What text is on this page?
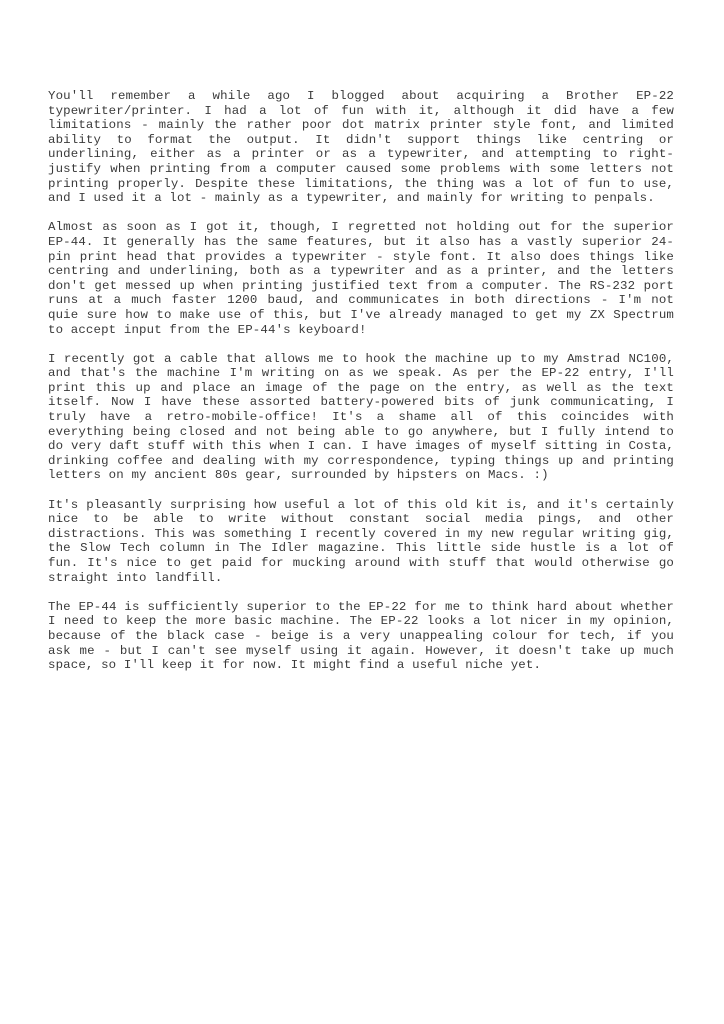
You'll remember a while ago I blogged about acquiring a Brother EP-22 typewriter/printer. I had a lot of fun with it, although it did have a few limitations - mainly the rather poor dot matrix printer style font, and limited ability to format the output. It didn't support things like centring or underlining, either as a printer or as a typewriter, and attempting to right-justify when printing from a computer caused some problems with some letters not printing properly. Despite these limitations, the thing was a lot of fun to use, and I used it a lot - mainly as a typewriter, and mainly for writing to penpals.

Almost as soon as I got it, though, I regretted not holding out for the superior EP-44. It generally has the same features, but it also has a vastly superior 24-pin print head that provides a typewriter - style font. It also does things like centring and underlining, both as a typewriter and as a printer, and the letters don't get messed up when printing justified text from a computer. The RS-232 port runs at a much faster 1200 baud, and communicates in both directions - I'm not quie sure how to make use of this, but I've already managed to get my ZX Spectrum to accept input from the EP-44's keyboard!

I recently got a cable that allows me to hook the machine up to my Amstrad NC100, and that's the machine I'm writing on as we speak. As per the EP-22 entry, I'll print this up and place an image of the page on the entry, as well as the text itself. Now I have these assorted battery-powered bits of junk communicating, I truly have a retro-mobile-office! It's a shame all of this coincides with everything being closed and not being able to go anywhere, but I fully intend to do very daft stuff with this when I can. I have images of myself sitting in Costa, drinking coffee and dealing with my correspondence, typing things up and printing letters on my ancient 80s gear, surrounded by hipsters on Macs. :)

It's pleasantly surprising how useful a lot of this old kit is, and it's certainly nice to be able to write without constant social media pings, and other distractions. This was something I recently covered in my new regular writing gig, the Slow Tech column in The Idler magazine. This little side hustle is a lot of fun. It's nice to get paid for mucking around with stuff that would otherwise go straight into landfill.

The EP-44 is sufficiently superior to the EP-22 for me to think hard about whether I need to keep the more basic machine. The EP-22 looks a lot nicer in my opinion, because of the black case - beige is a very unappealing colour for tech, if you ask me - but I can't see myself using it again. However, it doesn't take up much space, so I'll keep it for now. It might find a useful niche yet.
